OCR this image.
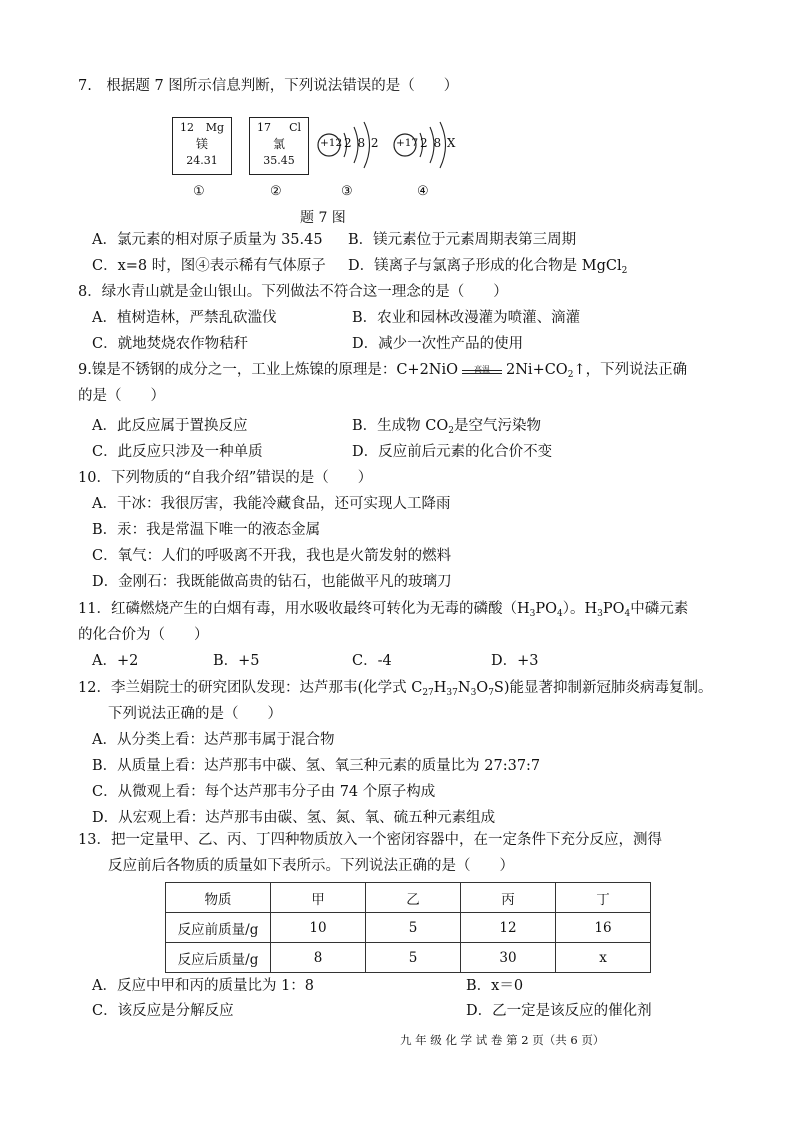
7.　根据题 7 图所示信息判断，下列说法错误的是（　　）
12 Mg
镁
24.31
17 Cl
氯
35.45
+12 2 8 2 +17 2 8 X
①	②	③	④
题 7 图
A．氯元素的相对原子质量为 35.45 B．镁元素位于元素周期表第三周期
C．x=8 时，图④表示稀有气体原子 D．镁离子与氯离子形成的化合物是 MgCl$_2$
8．绿水青山就是金山银山。下列做法不符合这一理念的是（　　）
A．植树造林，严禁乱砍滥伐	B．农业和园林改漫灌为喷灌、滴灌
C．就地焚烧农作物秸秆	D．减少一次性产品的使用
9.镍是不锈钢的成分之一，工业上炼镍的原理是：C+2NiO	高温	$2Ni+CO_2↑$，下列说法正确
的是（　　）
A．此反应属于置换反应	B．生成物 $CO_2$是空气污染物
C．此反应只涉及一种单质	D．反应前后元素的化合价不变
10．下列物质的“自我介绍”错误的是（　　）
A．干冰：我很厉害，我能冷藏食品，还可实现人工降雨
B．汞：我是常温下唯一的液态金属
C．氧气：人们的呼吸离不开我，我也是火箭发射的燃料
D．金刚石：我既能做高贵的钻石，也能做平凡的玻璃刀
11．红磷燃烧产生的白烟有毒，用水吸收最终可转化为无毒的磷酸$(H_3PO_4)$。$H_3PO_4$中磷元素
的化合价为（　　）
A．+2	B．+5	C．-4	D．+3
12．李兰娟院士的研究团队发现：达芦那韦(化学式 $C_{27}H_{37}N_3O_7S$)能显著抑制新冠肺炎病毒复制。
下列说法正确的是（　　）
A．从分类上看：达芦那韦属于混合物
B．从质量上看：达芦那韦中碳、氢、氧三种元素的质量比为 27:37:7
C．从微观上看：每个达芦那韦分子由 74 个原子构成
D．从宏观上看：达芦那韦由碳、氢、氮、氧、硫五种元素组成
13．把一定量甲、乙、丙、丁四种物质放入一个密闭容器中，在一定条件下充分反应，测得
反应前后各物质的质量如下表所示。下列说法正确的是（　　）
物质	甲	乙	丙	丁
反应前质量/g	10	5	12	16
反应后质量/g	8	5	30	x
A．反应中甲和丙的质量比为 1：8	B．x＝0
C．该反应是分解反应	D．乙一定是该反应的催化剂
九 年 级 化 学 试 卷 第 2 页（共 6 页）
